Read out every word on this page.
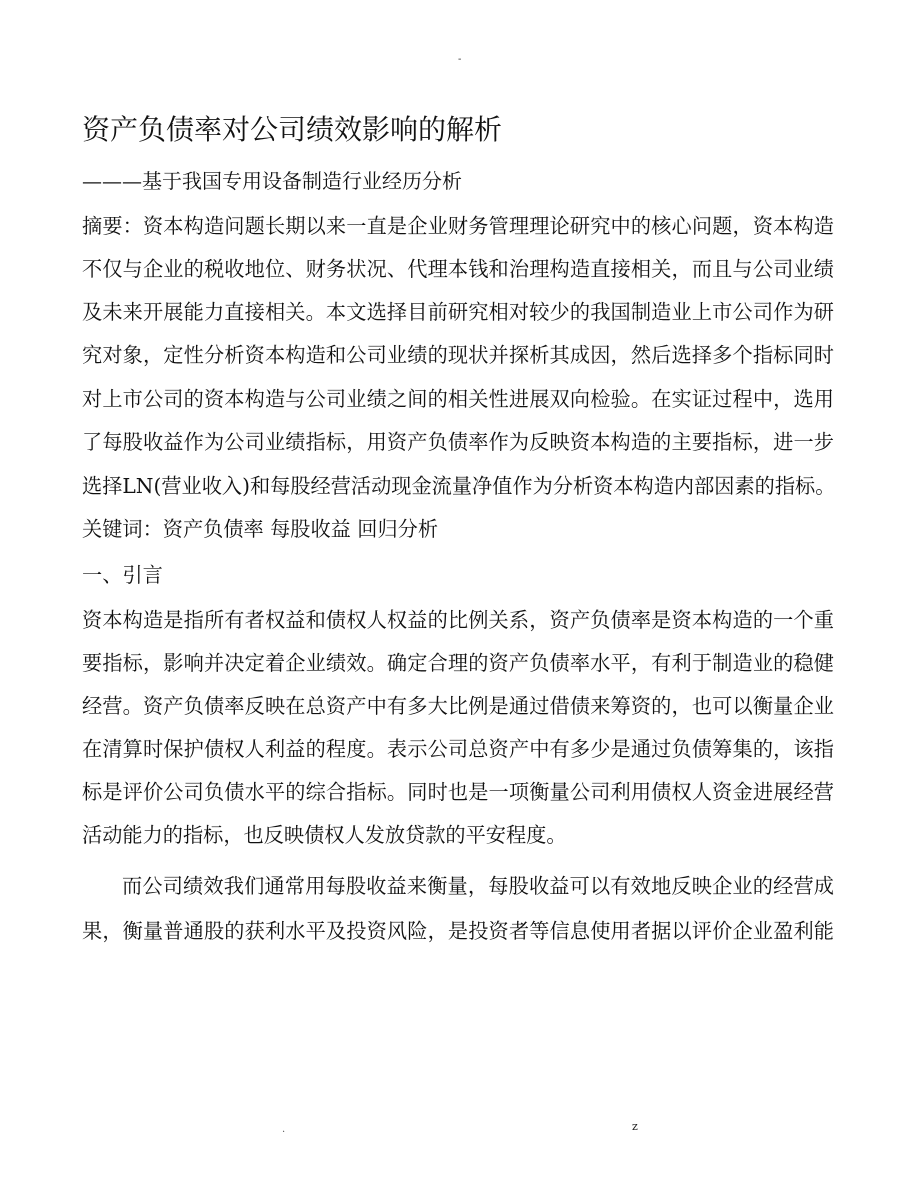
-
资产负债率对公司绩效影响的解析
———基于我国专用设备制造行业经历分析
摘要：资本构造问题长期以来一直是企业财务管理理论研究中的核心问题，资本构造
不仅与企业的税收地位、财务状况、代理本钱和治理构造直接相关，而且与公司业绩
及未来开展能力直接相关。本文选择目前研究相对较少的我国制造业上市公司作为研
究对象，定性分析资本构造和公司业绩的现状并探析其成因，然后选择多个指标同时
对上市公司的资本构造与公司业绩之间的相关性进展双向检验。在实证过程中，选用
了每股收益作为公司业绩指标，用资产负债率作为反映资本构造的主要指标，进一步
选择LN(营业收入)和每股经营活动现金流量净值作为分析资本构造内部因素的指标。
关键词：资产负债率 每股收益 回归分析
一、引言
资本构造是指所有者权益和债权人权益的比例关系，资产负债率是资本构造的一个重
要指标，影响并决定着企业绩效。确定合理的资产负债率水平，有利于制造业的稳健
经营。资产负债率反映在总资产中有多大比例是通过借债来筹资的，也可以衡量企业
在清算时保护债权人利益的程度。表示公司总资产中有多少是通过负债筹集的，该指
标是评价公司负债水平的综合指标。同时也是一项衡量公司利用债权人资金进展经营
活动能力的指标，也反映债权人发放贷款的平安程度。
而公司绩效我们通常用每股收益来衡量，每股收益可以有效地反映企业的经营成
果，衡量普通股的获利水平及投资风险，是投资者等信息使用者据以评价企业盈利能
.	z
